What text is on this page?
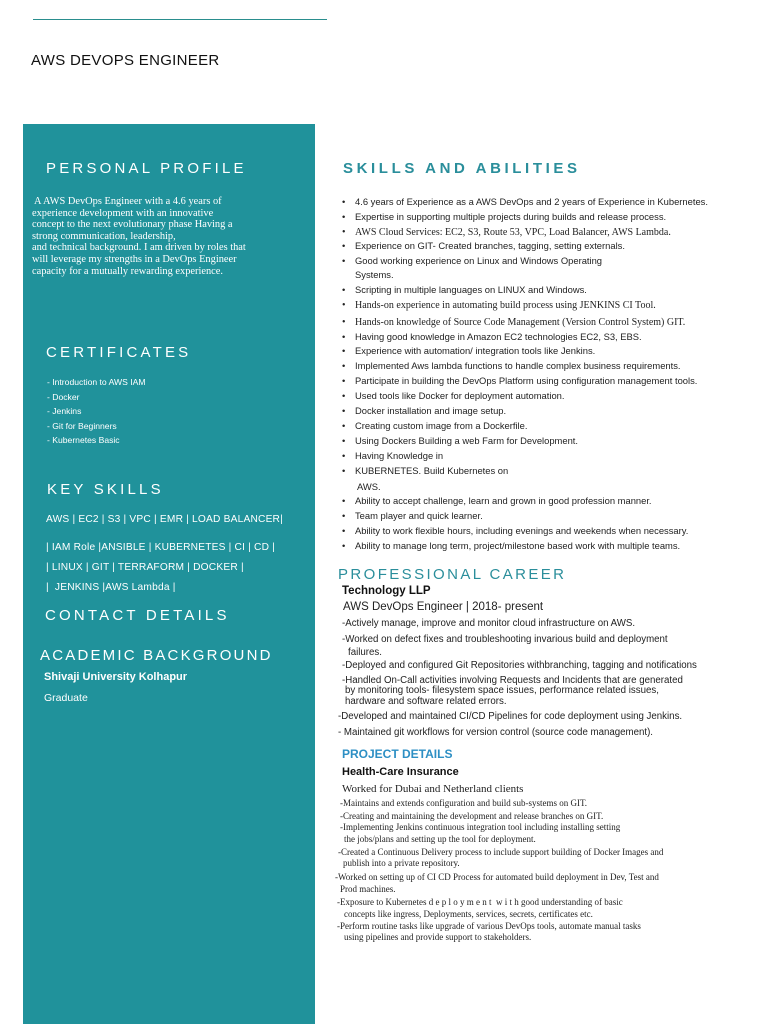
AWS DEVOPS ENGINEER
PERSONAL PROFILE
A AWS DevOps Engineer with a 4.6 years of
experience development with an innovative
concept to the next evolutionary phase Having a
strong communication, leadership,
and technical background. I am driven by roles that
will leverage my strengths in a DevOps Engineer
capacity for a mutually rewarding experience.
CERTIFICATES
- Introduction to AWS IAM
- Docker
- Jenkins
- Git for Beginners
- Kubernetes Basic
KEY SKILLS
AWS | EC2 | S3 | VPC | EMR | LOAD BALANCER|
| IAM Role |ANSIBLE | KUBERNETES | CI | CD |
| LINUX | GIT | TERRAFORM | DOCKER |
|  JENKINS |AWS Lambda |
CONTACT DETAILS
ACADEMIC BACKGROUND
Shivaji University Kolhapur
Graduate
SKILLS AND ABILITIES
• 4.6 years of Experience as a AWS DevOps and 2 years of Experience in Kubernetes.
• Expertise in supporting multiple projects during builds and release process.
• AWS Cloud Services: EC2, S3, Route 53, VPC, Load Balancer, AWS Lambda.
• Experience on GIT- Created branches, tagging, setting externals.
• Good working experience on Linux and Windows Operating
Systems.
• Scripting in multiple languages on LINUX and Windows.
• Hands-on experience in automating build process using JENKINS CI Tool.
• Hands-on knowledge of Source Code Management (Version Control System) GIT.
• Having good knowledge in Amazon EC2 technologies EC2, S3, EBS.
• Experience with automation/ integration tools like Jenkins.
• Implemented Aws lambda functions to handle complex business requirements.
• Participate in building the DevOps Platform using configuration management tools.
• Used tools like Docker for deployment automation.
• Docker installation and image setup.
• Creating custom image from a Dockerfile.
• Using Dockers Building a web Farm for Development.
• Having Knowledge in
• KUBERNETES. Build Kubernetes on
AWS.
• Ability to accept challenge, learn and grown in good profession manner.
• Team player and quick learner.
• Ability to work flexible hours, including evenings and weekends when necessary.
• Ability to manage long term, project/milestone based work with multiple teams.
PROFESSIONAL CAREER
Technology LLP
AWS DevOps Engineer | 2018- present
-Actively manage, improve and monitor cloud infrastructure on AWS.
-Worked on defect fixes and troubleshooting invarious build and deployment
failures.
-Deployed and configured Git Repositories withbranching, tagging and notifications
-Handled On-Call activities involving Requests and Incidents that are generated
by monitoring tools- filesystem space issues, performance related issues,
hardware and software related errors.
-Developed and maintained CI/CD Pipelines for code deployment using Jenkins.
- Maintained git workflows for version control (source code management).
PROJECT DETAILS
Health-Care Insurance
Worked for Dubai and Netherland clients
-Maintains and extends configuration and build sub-systems on GIT.
-Creating and maintaining the development and release branches on GIT.
-Implementing Jenkins continuous integration tool including installing setting
the jobs/plans and setting up the tool for deployment.
-Created a Continuous Delivery process to include support building of Docker Images and
publish into a private repository.
-Worked on setting up of CI CD Process for automated build deployment in Dev, Test and
Prod machines.
-Exposure to Kubernetes d e p l o y m e n t  w i t h good understanding of basic
concepts like ingress, Deployments, services, secrets, certificates etc.
-Perform routine tasks like upgrade of various DevOps tools, automate manual tasks
using pipelines and provide support to stakeholders.
